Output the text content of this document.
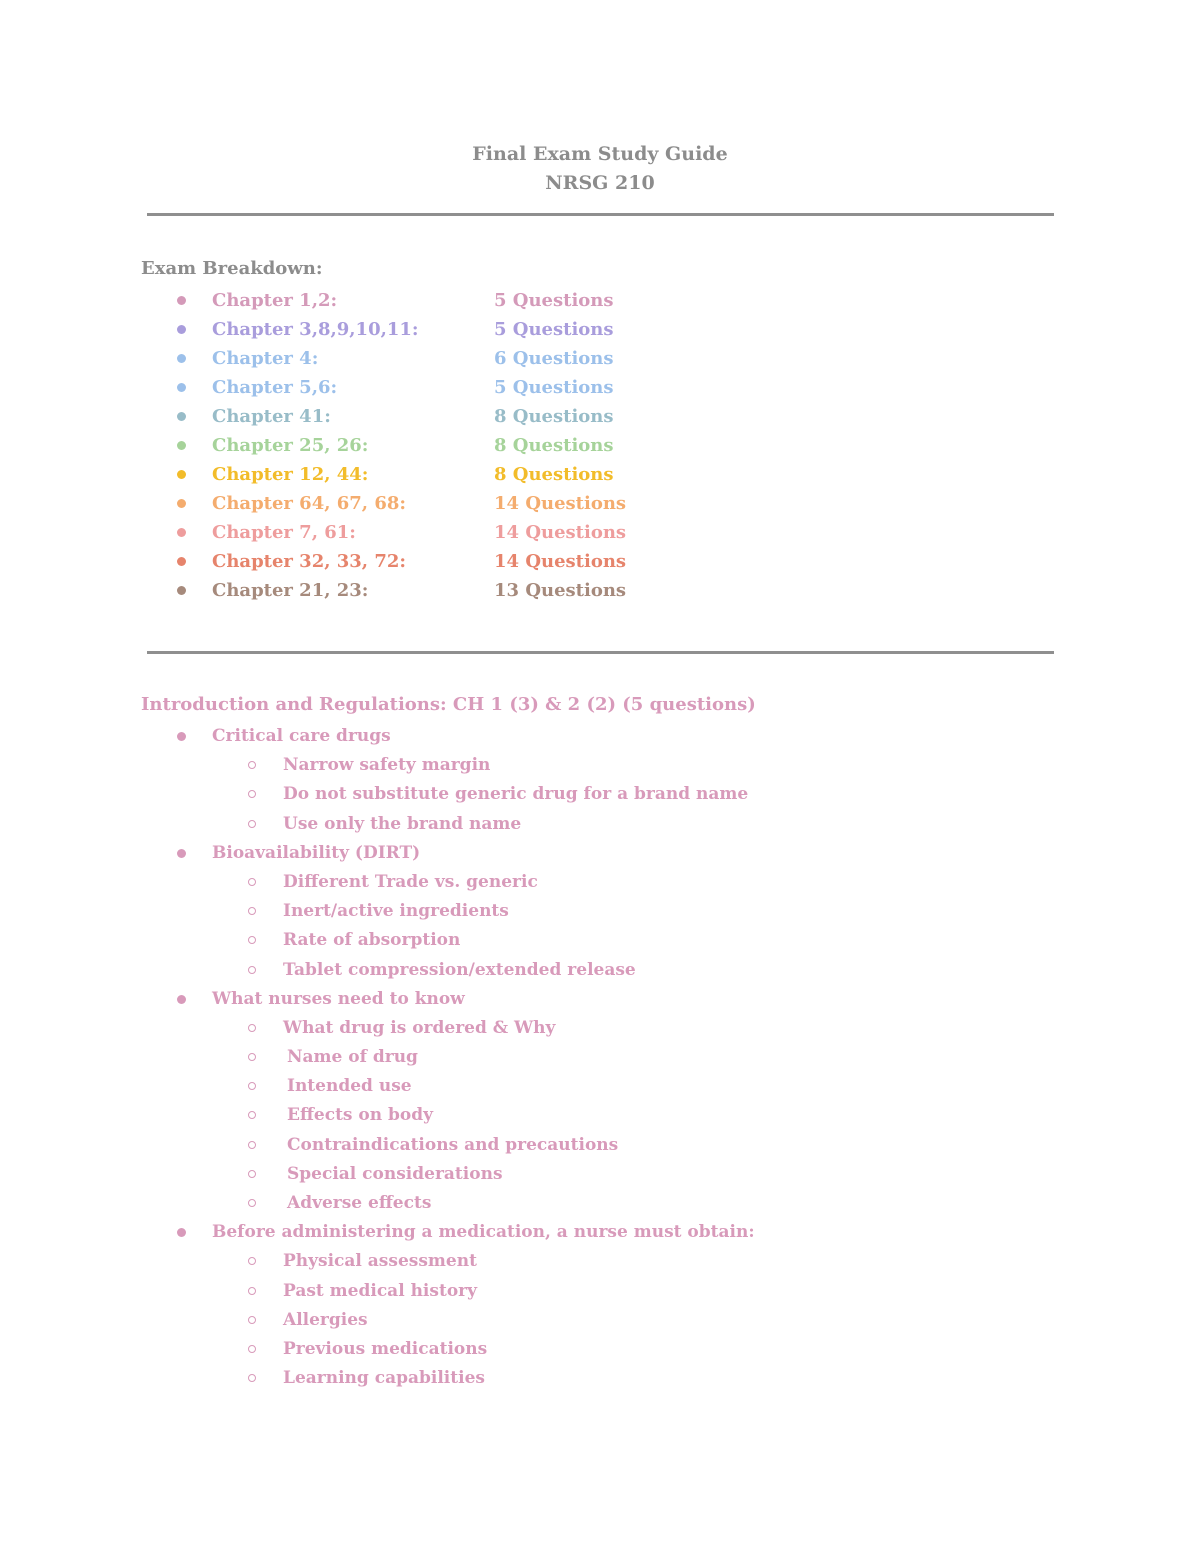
Final Exam Study Guide
NRSG 210
Exam Breakdown:
Chapter 1,2:	5 Questions
Chapter 3,8,9,10,11:	5 Questions
Chapter 4:	6 Questions
Chapter 5,6:	5 Questions
Chapter 41:	8 Questions
Chapter 25, 26:	8 Questions
Chapter 12, 44:	8 Questions
Chapter 64, 67, 68:	14 Questions
Chapter 7, 61:	14 Questions
Chapter 32, 33, 72:	14 Questions
Chapter 21, 23:	13 Questions
Introduction and Regulations: CH 1 (3) & 2 (2) (5 questions)
Critical care drugs
Narrow safety margin
Do not substitute generic drug for a brand name
Use only the brand name
Bioavailability (DIRT)
Different Trade vs. generic
Inert/active ingredients
Rate of absorption
Tablet compression/extended release
What nurses need to know
What drug is ordered & Why
Name of drug
Intended use
Effects on body
Contraindications and precautions
Special considerations
Adverse effects
Before administering a medication, a nurse must obtain:
Physical assessment
Past medical history
Allergies
Previous medications
Learning capabilities
